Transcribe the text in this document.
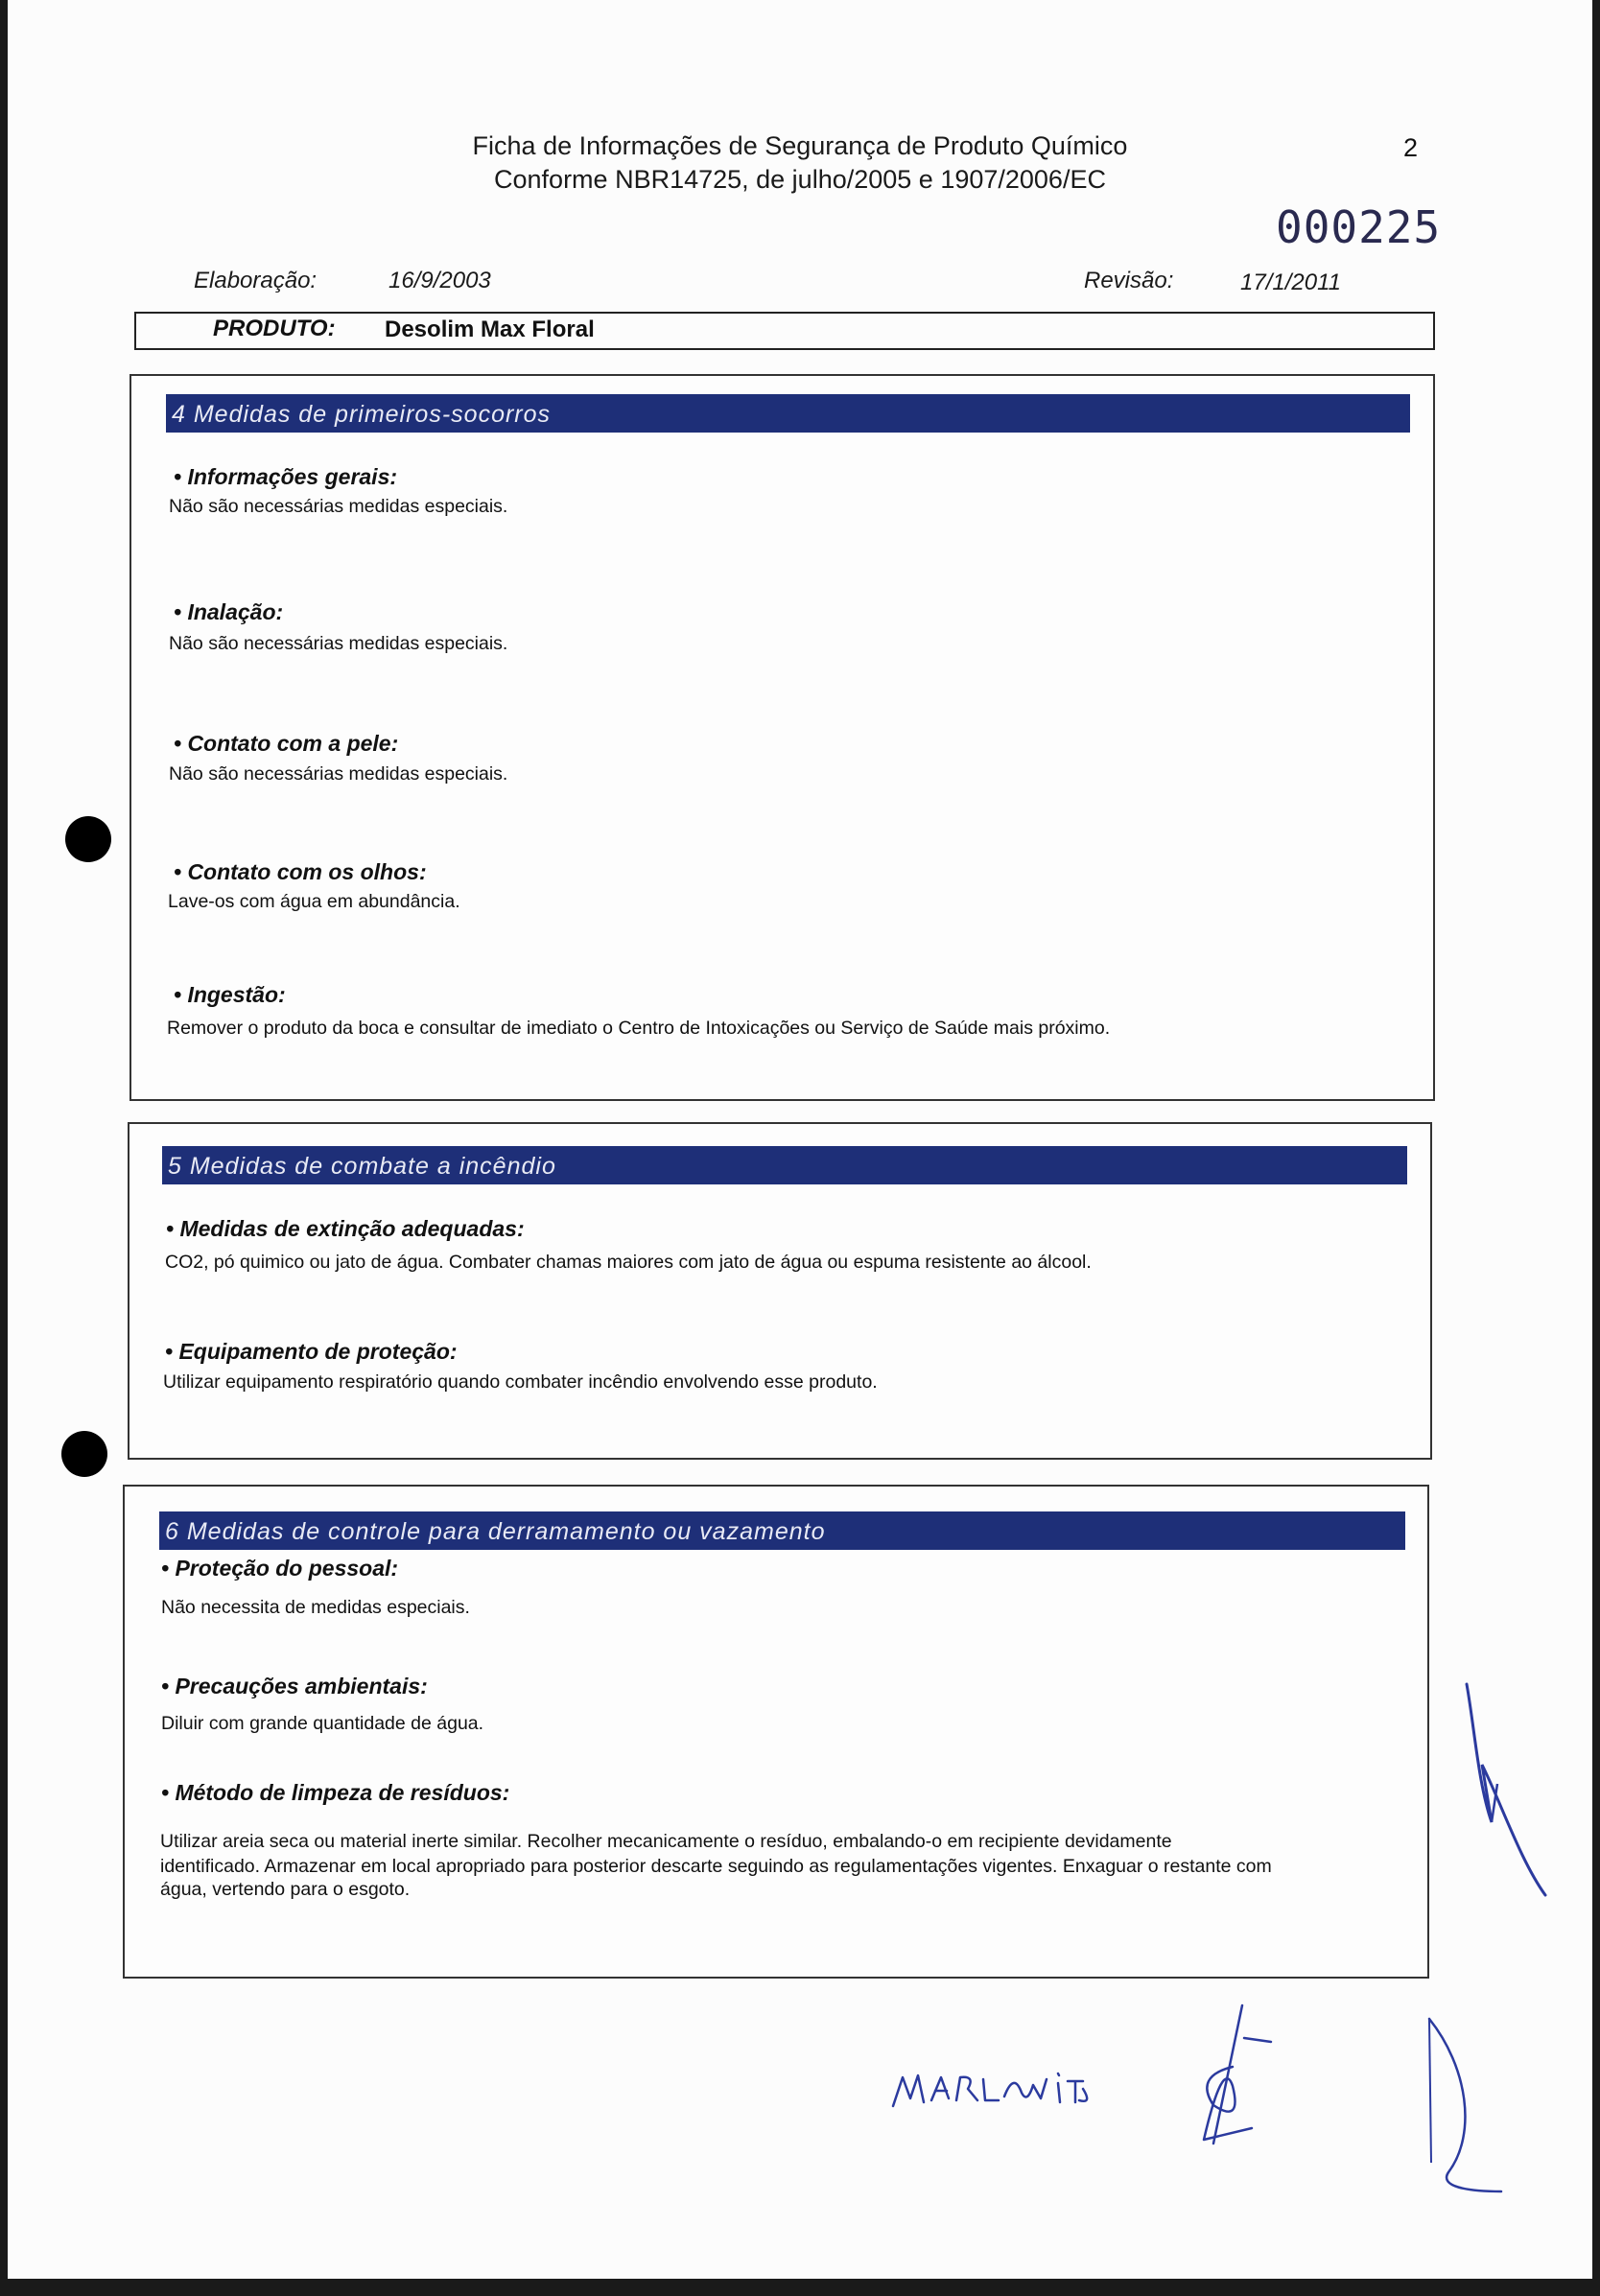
Ficha de Informações de Segurança de Produto Químico
Conforme NBR14725, de julho/2005 e 1907/2006/EC
2
000225
Elaboração:	16/9/2003	Revisão:	17/1/2011
PRODUTO: Desolim Max Floral
4 Medidas de primeiros-socorros
• Informações gerais:
Não são necessárias medidas especiais.
• Inalação:
Não são necessárias medidas especiais.
• Contato com a pele:
Não são necessárias medidas especiais.
• Contato com os olhos:
Lave-os com água em abundância.
• Ingestão:
Remover o produto da boca e consultar de imediato o Centro de Intoxicações ou Serviço de Saúde mais próximo.
5 Medidas de combate a incêndio
• Medidas de extinção adequadas:
CO2, pó quimico ou jato de água. Combater chamas maiores com jato de água ou espuma resistente ao álcool.
• Equipamento de proteção:
Utilizar equipamento respiratório quando combater incêndio envolvendo esse produto.
6 Medidas de controle para derramamento ou vazamento
• Proteção do pessoal:
Não necessita de medidas especiais.
• Precauções ambientais:
Diluir com grande quantidade de água.
• Método de limpeza de resíduos:
Utilizar areia seca ou material inerte similar. Recolher mecanicamente o resíduo, embalando-o em recipiente devidamente
identificado. Armazenar em local apropriado para posterior descarte seguindo as regulamentações vigentes. Enxaguar o restante com
água, vertendo para o esgoto.
